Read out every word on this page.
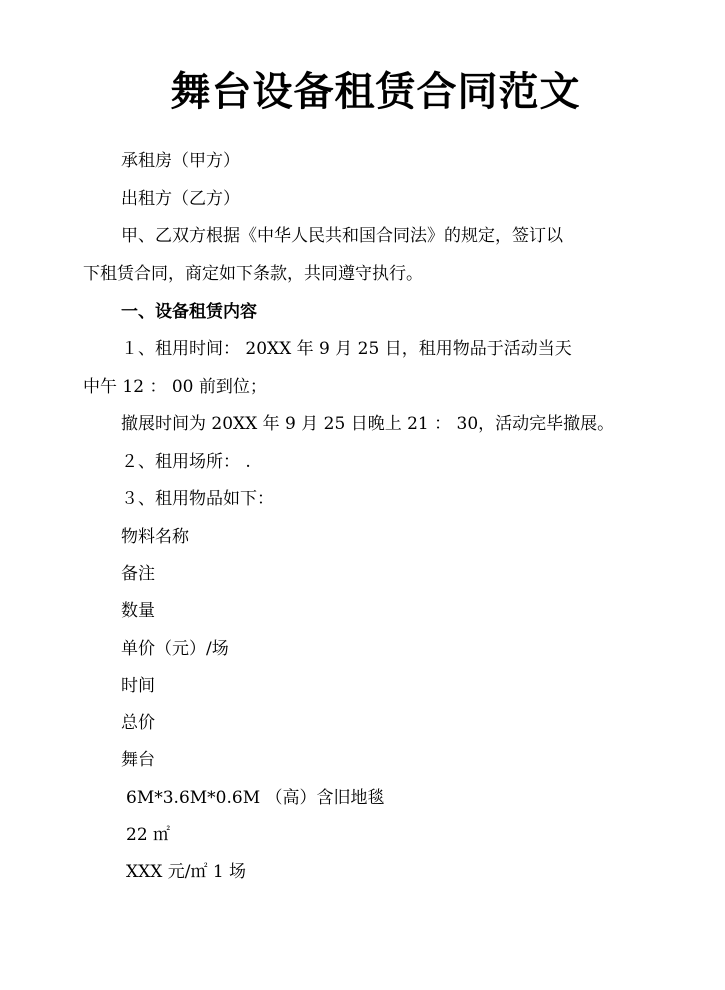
舞台设备租赁合同范文
承租房（甲方）
出租方（乙方）
甲、乙双方根据《中华人民共和国合同法》的规定，签订以
下租赁合同，商定如下条款，共同遵守执行。
一、设备租赁内容
１、租用时间： 20XX 年 9 月 25 日，租用物品于活动当天
中午 12 ： 00 前到位；
撤展时间为 20XX 年 9 月 25 日晚上 21 ： 30，活动完毕撤展。
２、租用场所： .
３、租用物品如下：
物料名称
备注
数量
单价（元）/场
时间
总价
舞台
6M*3.6M*0.6M （高）含旧地毯
22 ㎡
XXX 元/㎡ 1 场
